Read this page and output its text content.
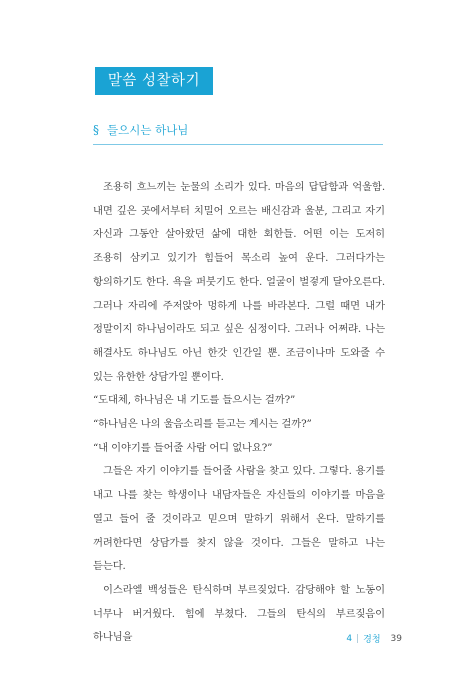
말씀 성찰하기
§ 들으시는 하나님

조용히 흐느끼는 눈물의 소리가 있다. 마음의 답답함과 억울함. 내면 깊은 곳에서부터 치밀어 오르는 배신감과 울분, 그리고 자기 자신과 그동안 살아왔던 삶에 대한 회한들. 어떤 이는 도저히 조용히 삼키고 있기가 힘들어 목소리 높여 운다. 그러다가는 항의하기도 한다. 욕을 퍼붓기도 한다. 얼굴이 벌겋게 달아오른다. 그러나 자리에 주저앉아 멍하게 나를 바라본다. 그럴 때면 내가 정말이지 하나님이라도 되고 싶은 심정이다. 그러나 어쩌랴. 나는 해결사도 하나님도 아닌 한갓 인간일 뿐. 조금이나마 도와줄 수 있는 유한한 상담가일 뿐이다.

“도대체, 하나님은 내 기도를 들으시는 걸까?”

“하나님은 나의 울음소리를 듣고는 계시는 걸까?”

“내 이야기를 들어줄 사람 어디 없나요?”

그들은 자기 이야기를 들어줄 사람을 찾고 있다. 그렇다. 용기를 내고 나를 찾는 학생이나 내담자들은 자신들의 이야기를 마음을 열고 들어 줄 것이라고 믿으며 말하기 위해서 온다. 말하기를 꺼려한다면 상담가를 찾지 않을 것이다. 그들은 말하고 나는 듣는다.

이스라엘 백성들은 탄식하며 부르짖었다. 감당해야 할 노동이 너무나 버거웠다. 힘에 부쳤다. 그들의 탄식의 부르짖음이 하나님을	4 | 경청 39
